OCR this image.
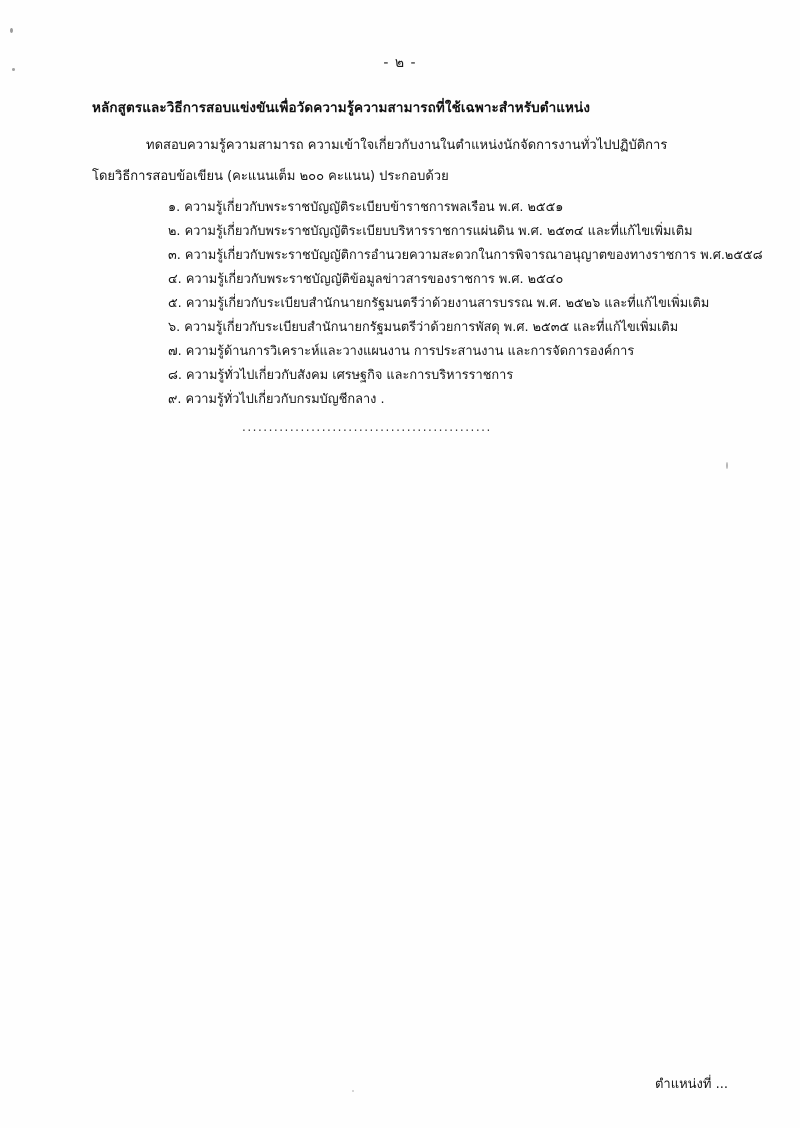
- ๒ -
หลักสูตรและวิธีการสอบแข่งขันเพื่อวัดความรู้ความสามารถที่ใช้เฉพาะสำหรับตำแหน่ง
ทดสอบความรู้ความสามารถ ความเข้าใจเกี่ยวกับงานในตำแหน่งนักจัดการงานทั่วไปปฏิบัติการ
โดยวิธีการสอบข้อเขียน (คะแนนเต็ม ๒๐๐ คะแนน) ประกอบด้วย
๑. ความรู้เกี่ยวกับพระราชบัญญัติระเบียบข้าราชการพลเรือน พ.ศ. ๒๕๕๑
๒. ความรู้เกี่ยวกับพระราชบัญญัติระเบียบบริหารราชการแผ่นดิน พ.ศ. ๒๕๓๔ และที่แก้ไขเพิ่มเติม
๓. ความรู้เกี่ยวกับพระราชบัญญัติการอำนวยความสะดวกในการพิจารณาอนุญาตของทางราชการ พ.ศ.๒๕๕๘
๔. ความรู้เกี่ยวกับพระราชบัญญัติข้อมูลข่าวสารของราชการ พ.ศ. ๒๕๔๐
๕. ความรู้เกี่ยวกับระเบียบสำนักนายกรัฐมนตรีว่าด้วยงานสารบรรณ พ.ศ. ๒๕๒๖ และที่แก้ไขเพิ่มเติม
๖. ความรู้เกี่ยวกับระเบียบสำนักนายกรัฐมนตรีว่าด้วยการพัสดุ พ.ศ. ๒๕๓๕ และที่แก้ไขเพิ่มเติม
๗. ความรู้ด้านการวิเคราะห์และวางแผนงาน การประสานงาน และการจัดการองค์การ
๘. ความรู้ทั่วไปเกี่ยวกับสังคม เศรษฐกิจ และการบริหารราชการ
๙. ความรู้ทั่วไปเกี่ยวกับกรมบัญชีกลาง .
...............................................
ตำแหน่งที่ ...
